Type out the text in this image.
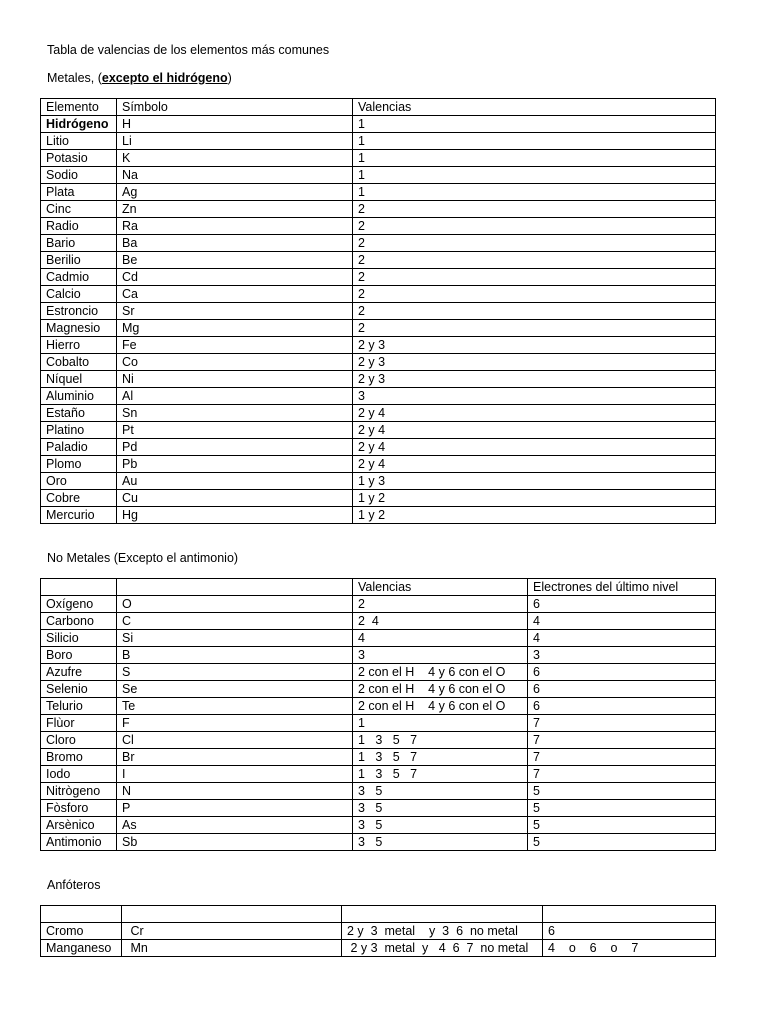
Tabla de valencias de los elementos más comunes
Metales, (excepto el hidrógeno)
Elemento	Símbolo	Valencias
Hidrógeno	H	1
Litio	Li	1
Potasio	K	1
Sodio	Na	1
Plata	Ag	1
Cinc	Zn	2
Radio	Ra	2
Bario	Ba	2
Berilio	Be	2
Cadmio	Cd	2
Calcio	Ca	2
Estroncio	Sr	2
Magnesio	Mg	2
Hierro	Fe	2 y 3
Cobalto	Co	2 y 3
Níquel	Ni	2 y 3
Aluminio	Al	3
Estaño	Sn	2 y 4
Platino	Pt	2 y 4
Paladio	Pd	2 y 4
Plomo	Pb	2 y 4
Oro	Au	1 y 3
Cobre	Cu	1 y 2
Mercurio	Hg	1 y 2
No Metales (Excepto el antimonio)
		Valencias	Electrones del último nivel
Oxígeno	O	2	6
Carbono	C	2  4	4
Silicio	Si	4	4
Boro	B	3	3
Azufre	S	2 con el H    4 y 6 con el O	6
Selenio	Se	2 con el H    4 y 6 con el O	6
Telurio	Te	2 con el H    4 y 6 con el O	6
Flùor	F	1	7
Cloro	Cl	1   3   5   7	7
Bromo	Br	1   3   5   7	7
Iodo	I	1   3   5   7	7
Nitrògeno	N	3   5	5
Fòsforo	P	3   5	5
Arsènico	As	3   5	5
Antimonio	Sb	3   5	5
Anfóteros

Cromo	Cr	2 y  3  metal    y  3  6  no metal	6
Manganeso	Mn	2 y 3  metal  y   4  6  7  no metal	4    o    6    o    7
